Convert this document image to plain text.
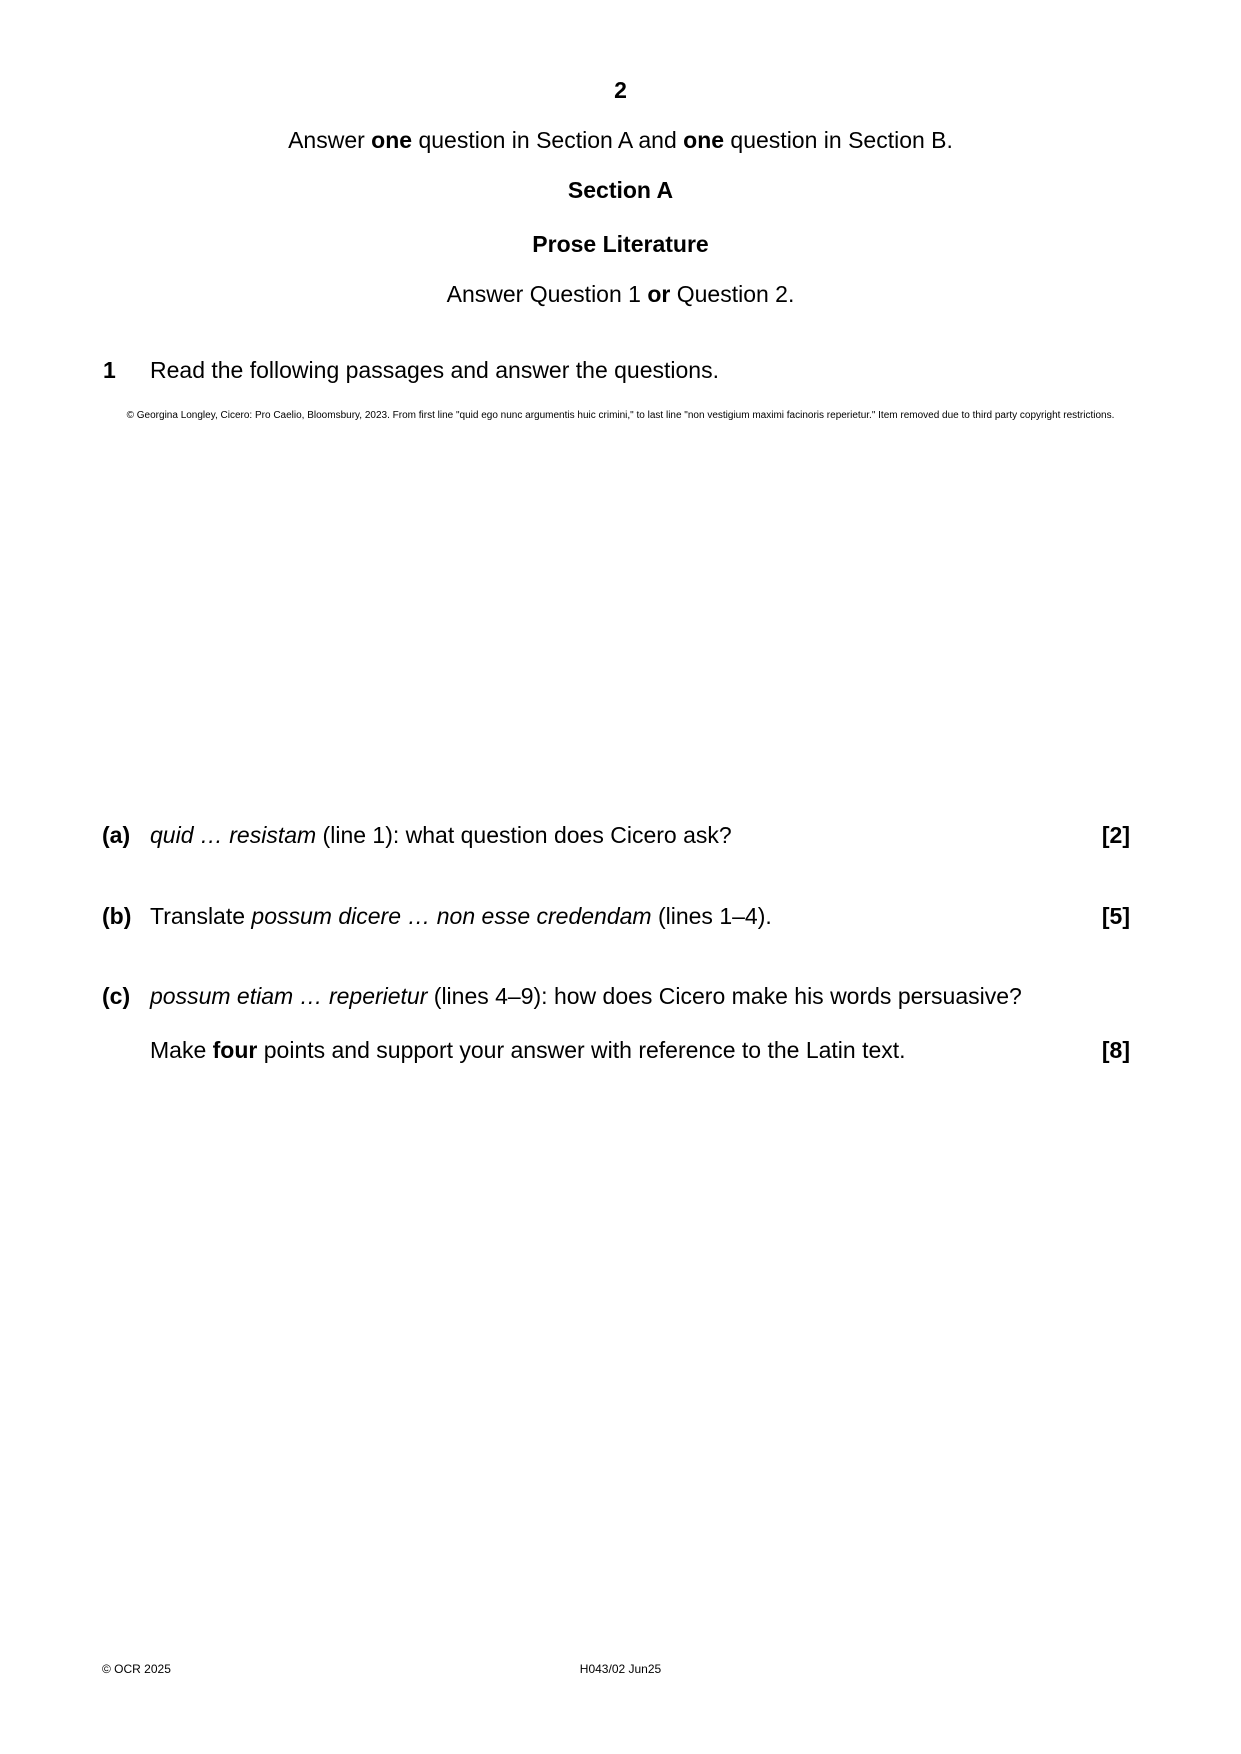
2
Answer one question in Section A and one question in Section B.
Section A
Prose Literature
Answer Question 1 or Question 2.
1 Read the following passages and answer the questions.
© Georgina Longley, Cicero: Pro Caelio, Bloomsbury, 2023. From first line "quid ego nunc argumentis huic crimini," to last line "non vestigium maximi facinoris reperietur." Item removed due to third party copyright restrictions.
(a) quid … resistam (line 1): what question does Cicero ask?	[2]
(b) Translate possum dicere … non esse credendam (lines 1–4).	[5]
(c) possum etiam … reperietur (lines 4–9): how does Cicero make his words persuasive?
Make four points and support your answer with reference to the Latin text.	[8]
© OCR 2025	H043/02 Jun25
